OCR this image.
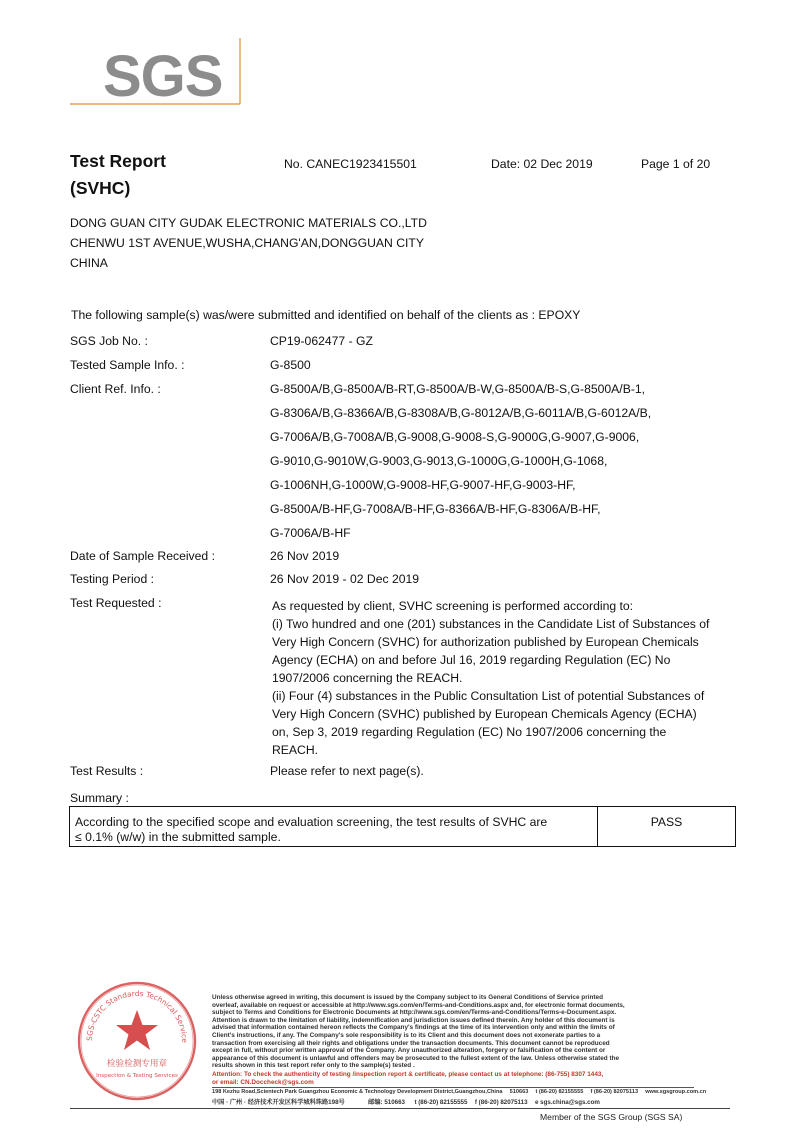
SGS
Test Report
(SVHC)
No. CANEC1923415501	Date: 02 Dec 2019	Page 1 of 20
DONG GUAN CITY GUDAK ELECTRONIC MATERIALS CO.,LTD
CHENWU 1ST AVENUE,WUSHA,CHANG'AN,DONGGUAN CITY
CHINA
The following sample(s) was/were submitted and identified on behalf of the clients as : EPOXY
SGS Job No. :	CP19-062477 - GZ
Tested Sample Info. :	G-8500
Client Ref. Info. :	G-8500A/B,G-8500A/B-RT,G-8500A/B-W,G-8500A/B-S,G-8500A/B-1,
G-8306A/B,G-8366A/B,G-8308A/B,G-8012A/B,G-6011A/B,G-6012A/B,
G-7006A/B,G-7008A/B,G-9008,G-9008-S,G-9000G,G-9007,G-9006,
G-9010,G-9010W,G-9003,G-9013,G-1000G,G-1000H,G-1068,
G-1006NH,G-1000W,G-9008-HF,G-9007-HF,G-9003-HF,
G-8500A/B-HF,G-7008A/B-HF,G-8366A/B-HF,G-8306A/B-HF,
G-7006A/B-HF
Date of Sample Received :	26 Nov 2019
Testing Period :	26 Nov 2019 - 02 Dec 2019
Test Requested :	As requested by client, SVHC screening is performed according to:
(i) Two hundred and one (201) substances in the Candidate List of Substances of
Very High Concern (SVHC) for authorization published by European Chemicals
Agency (ECHA) on and before Jul 16, 2019 regarding Regulation (EC) No
1907/2006 concerning the REACH.
(ii) Four (4) substances in the Public Consultation List of potential Substances of
Very High Concern (SVHC) published by European Chemicals Agency (ECHA)
on, Sep 3, 2019 regarding Regulation (EC) No 1907/2006 concerning the
REACH.
Test Results :	Please refer to next page(s).
Summary :
According to the specified scope and evaluation screening, the test results of SVHC are
≤ 0.1% (w/w) in the submitted sample.
PASS
SGS-CSTC Standards Technical Service
检验检测专用章
Inspection & Testing Services
Unless otherwise agreed in writing, this document is issued by the Company subject to its General Conditions of Service printed
overleaf, available on request or accessible at http://www.sgs.com/en/Terms-and-Conditions.aspx and, for electronic format documents,
subject to Terms and Conditions for Electronic Documents at http://www.sgs.com/en/Terms-and-Conditions/Terms-e-Document.aspx.
Attention is drawn to the limitation of liability, indemnification and jurisdiction issues defined therein. Any holder of this document is
advised that information contained hereon reflects the Company's findings at the time of its intervention only and within the limits of
Client's instructions, if any. The Company's sole responsibility is to its Client and this document does not exonerate parties to a
transaction from exercising all their rights and obligations under the transaction documents. This document cannot be reproduced
except in full, without prior written approval of the Company. Any unauthorized alteration, forgery or falsification of the content or
appearance of this document is unlawful and offenders may be prosecuted to the fullest extent of the law. Unless otherwise stated the
results shown in this test report refer only to the sample(s) tested .
Attention: To check the authenticity of testing /inspection report & certificate, please contact us at telephone: (86-755) 8307 1443,
or email: CN.Doccheck@sgs.com
198 Kezhu Road,Scientech Park Guangzhou Economic & Technology Development District,Guangzhou,China 510663 t (86-20) 82155555 f (86-20) 82075113 www.sgsgroup.com.cn
中国 · 广州 · 经济技术开发区科学城科珠路198号	邮编: 510663 t (86-20) 82155555 f (86-20) 82075113 e sgs.china@sgs.com
Member of the SGS Group (SGS SA)
